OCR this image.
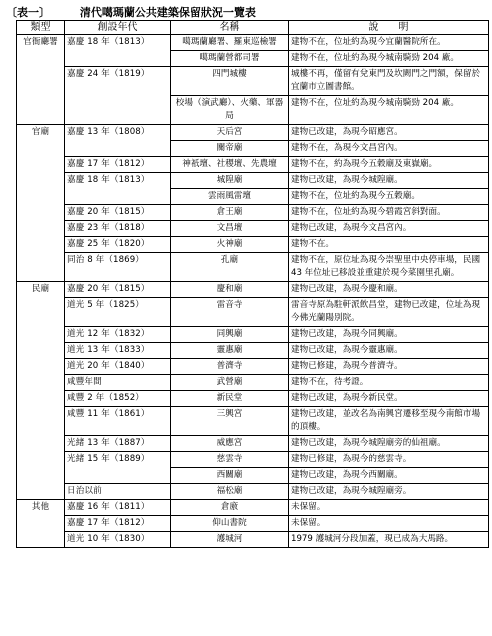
〔表一〕	清代噶瑪蘭公共建築保留狀況一覽表
類型	創設年代	名稱	說　　明
官衙廳署	嘉慶 18 年（1813）	噶瑪蘭廳署、羅東巡檢署	建物不在，位址約為現今宜蘭醫院所在。
		噶瑪蘭營都司署	建物不在，位址約為現今城南騎勁 204 廠。
	嘉慶 24 年（1819）	四門城樓	城樓不再，僅留有兌東門及坎闕門之門額，保留於宜蘭市立圖書館。
		校場（演武廳）、火藥、軍器局	建物不在，位址約為現今城南騎勁 204 廠。
官廟	嘉慶 13 年（1808）	天后宮	建物已改建，為現今昭應宮。
		關帝廟	建物不在，為現今文昌宮內。
	嘉慶 17 年（1812）	神祇壇、社稷壇、先農壇	建物不在，約為現今五穀廟及東嶽廟。
	嘉慶 18 年（1813）	城隍廟	建物已改建，為現今城隍廟。
		雲雨風雷壇	建物不在，位址約為現今五穀廟。
	嘉慶 20 年（1815）	倉王廟	建物不在，位址約為現今碧霞宮斜對面。
	嘉慶 23 年（1818）	文昌壇	建物已改建，為現今文昌宮內。
	嘉慶 25 年（1820）	火神廟	建物不在。
	同治 8 年（1869）	孔廟	建物不在，原位址為現今崇聖里中央停車場，民國 43 年位址已移設並重建於現今菜園里孔廟。
民廟	嘉慶 20 年（1815）	慶和廟	建物已改建，為現今慶和廟。
	道光 5 年（1825）	雷音寺	雷音寺原為駐軒派飲昌堂，建物已改建，位址為現今佛光蘭陽別院。
	道光 12 年（1832）	同興廟	建物已改建，為現今同興廟。
	道光 13 年（1833）	靈惠廟	建物已改建，為現今靈惠廟。
	道光 20 年（1840）	普濟寺	建物已修建，為現今普濟寺。
	咸豐年間	武營廟	建物不在，待考證。
	咸豐 2 年（1852）	新民堂	建物已改建，為現今新民堂。
	咸豐 11 年（1861）	三興宮	建物已改建，並改名為南興宮遷移至現今南館市場的頂樓。
	光緒 13 年（1887）	威應宮	建物已改建，為現今城隍廟旁的仙祖廟。
	光緒 15 年（1889）	慈雲寺	建物已修建，為現今的慈雲寺。
		西關廟	建物已改建，為現今西關廟。
	日治以前	福松廟	建物已改建，為現今城隍廟旁。
其他	嘉慶 16 年（1811）	倉廒	未保留。
	嘉慶 17 年（1812）	仰山書院	未保留。
	道光 10 年（1830）	護城河	1979 護城河分段加蓋，現已成為大馬路。
